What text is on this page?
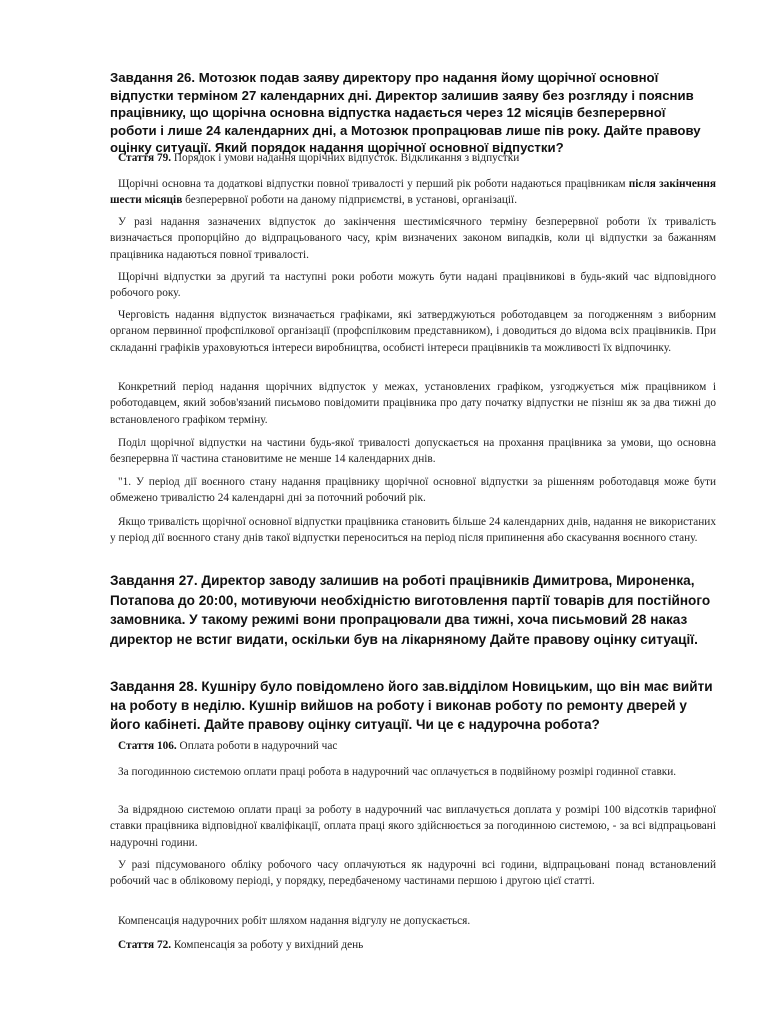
Завдання 26. Мотозюк подав заяву директору про надання йому щорічної основної відпустки терміном 27 календарних дні. Директор залишив заяву без розгляду і пояснив працівнику, що щорічна основна відпустка надається через 12 місяців безперервної роботи і лише 24 календарних дні, а Мотозюк пропрацював лише пів року. Дайте правову оцінку ситуації. Який порядок надання щорічної основної відпустки?
Стаття 79. Порядок і умови надання щорічних відпусток. Відкликання з відпустки

Щорічні основна та додаткові відпустки повної тривалості у перший рік роботи надаються працівникам після закінчення шести місяців безперервної роботи на даному підприємстві, в установі, організації.

У разі надання зазначених відпусток до закінчення шестимісячного терміну безперервної роботи їх тривалість визначається пропорційно до відпрацьованого часу, крім визначених законом випадків, коли ці відпустки за бажанням працівника надаються повної тривалості.

Щорічні відпустки за другий та наступні роки роботи можуть бути надані працівникові в будь-який час відповідного робочого року.

Черговість надання відпусток визначається графіками, які затверджуються роботодавцем за погодженням з виборним органом первинної профспілкової організації (профспілковим представником), і доводиться до відома всіх працівників. При складанні графіків ураховуються інтереси виробництва, особисті інтереси працівників та можливості їх відпочинку.

Конкретний період надання щорічних відпусток у межах, установлених графіком, узгоджується між працівником і роботодавцем, який зобов'язаний письмово повідомити працівника про дату початку відпустки не пізніш як за два тижні до встановленого графіком терміну.

Поділ щорічної відпустки на частини будь-якої тривалості допускається на прохання працівника за умови, що основна безперервна її частина становитиме не менше 14 календарних днів.

"1. У період дії воєнного стану надання працівнику щорічної основної відпустки за рішенням роботодавця може бути обмежено тривалістю 24 календарні дні за поточний робочий рік.

Якщо тривалість щорічної основної відпустки працівника становить більше 24 календарних днів, надання не використаних у період дії воєнного стану днів такої відпустки переноситься на період після припинення або скасування воєнного стану.

Завдання 27. Директор заводу залишив на роботі працівників Димитрова, Мироненка, Потапова до 20:00, мотивуючи необхідністю виготовлення партії товарів для постійного замовника. У такому режимі вони пропрацювали два тижні, хоча письмовий 28 наказ директор не встиг видати, оскільки був на лікарняному Дайте правову оцінку ситуації.
Завдання 28. Кушніру було повідомлено його зав.відділом Новицьким, що він має вийти на роботу в неділю. Кушнір вийшов на роботу і виконав роботу по ремонту дверей у його кабінеті. Дайте правову оцінку ситуації. Чи це є надурочна робота?
Стаття 106. Оплата роботи в надурочний час

За погодинною системою оплати праці робота в надурочний час оплачується в подвійному розмірі годинної ставки.

За відрядною системою оплати праці за роботу в надурочний час виплачується доплата у розмірі 100 відсотків тарифної ставки працівника відповідної кваліфікації, оплата праці якого здійснюється за погодинною системою, - за всі відпрацьовані надурочні години.

У разі підсумованого обліку робочого часу оплачуються як надурочні всі години, відпрацьовані понад встановлений робочий час в обліковому періоді, у порядку, передбаченому частинами першою і другою цієї статті.

Компенсація надурочних робіт шляхом надання відгулу не допускається.

Стаття 72. Компенсація за роботу у вихідний день
